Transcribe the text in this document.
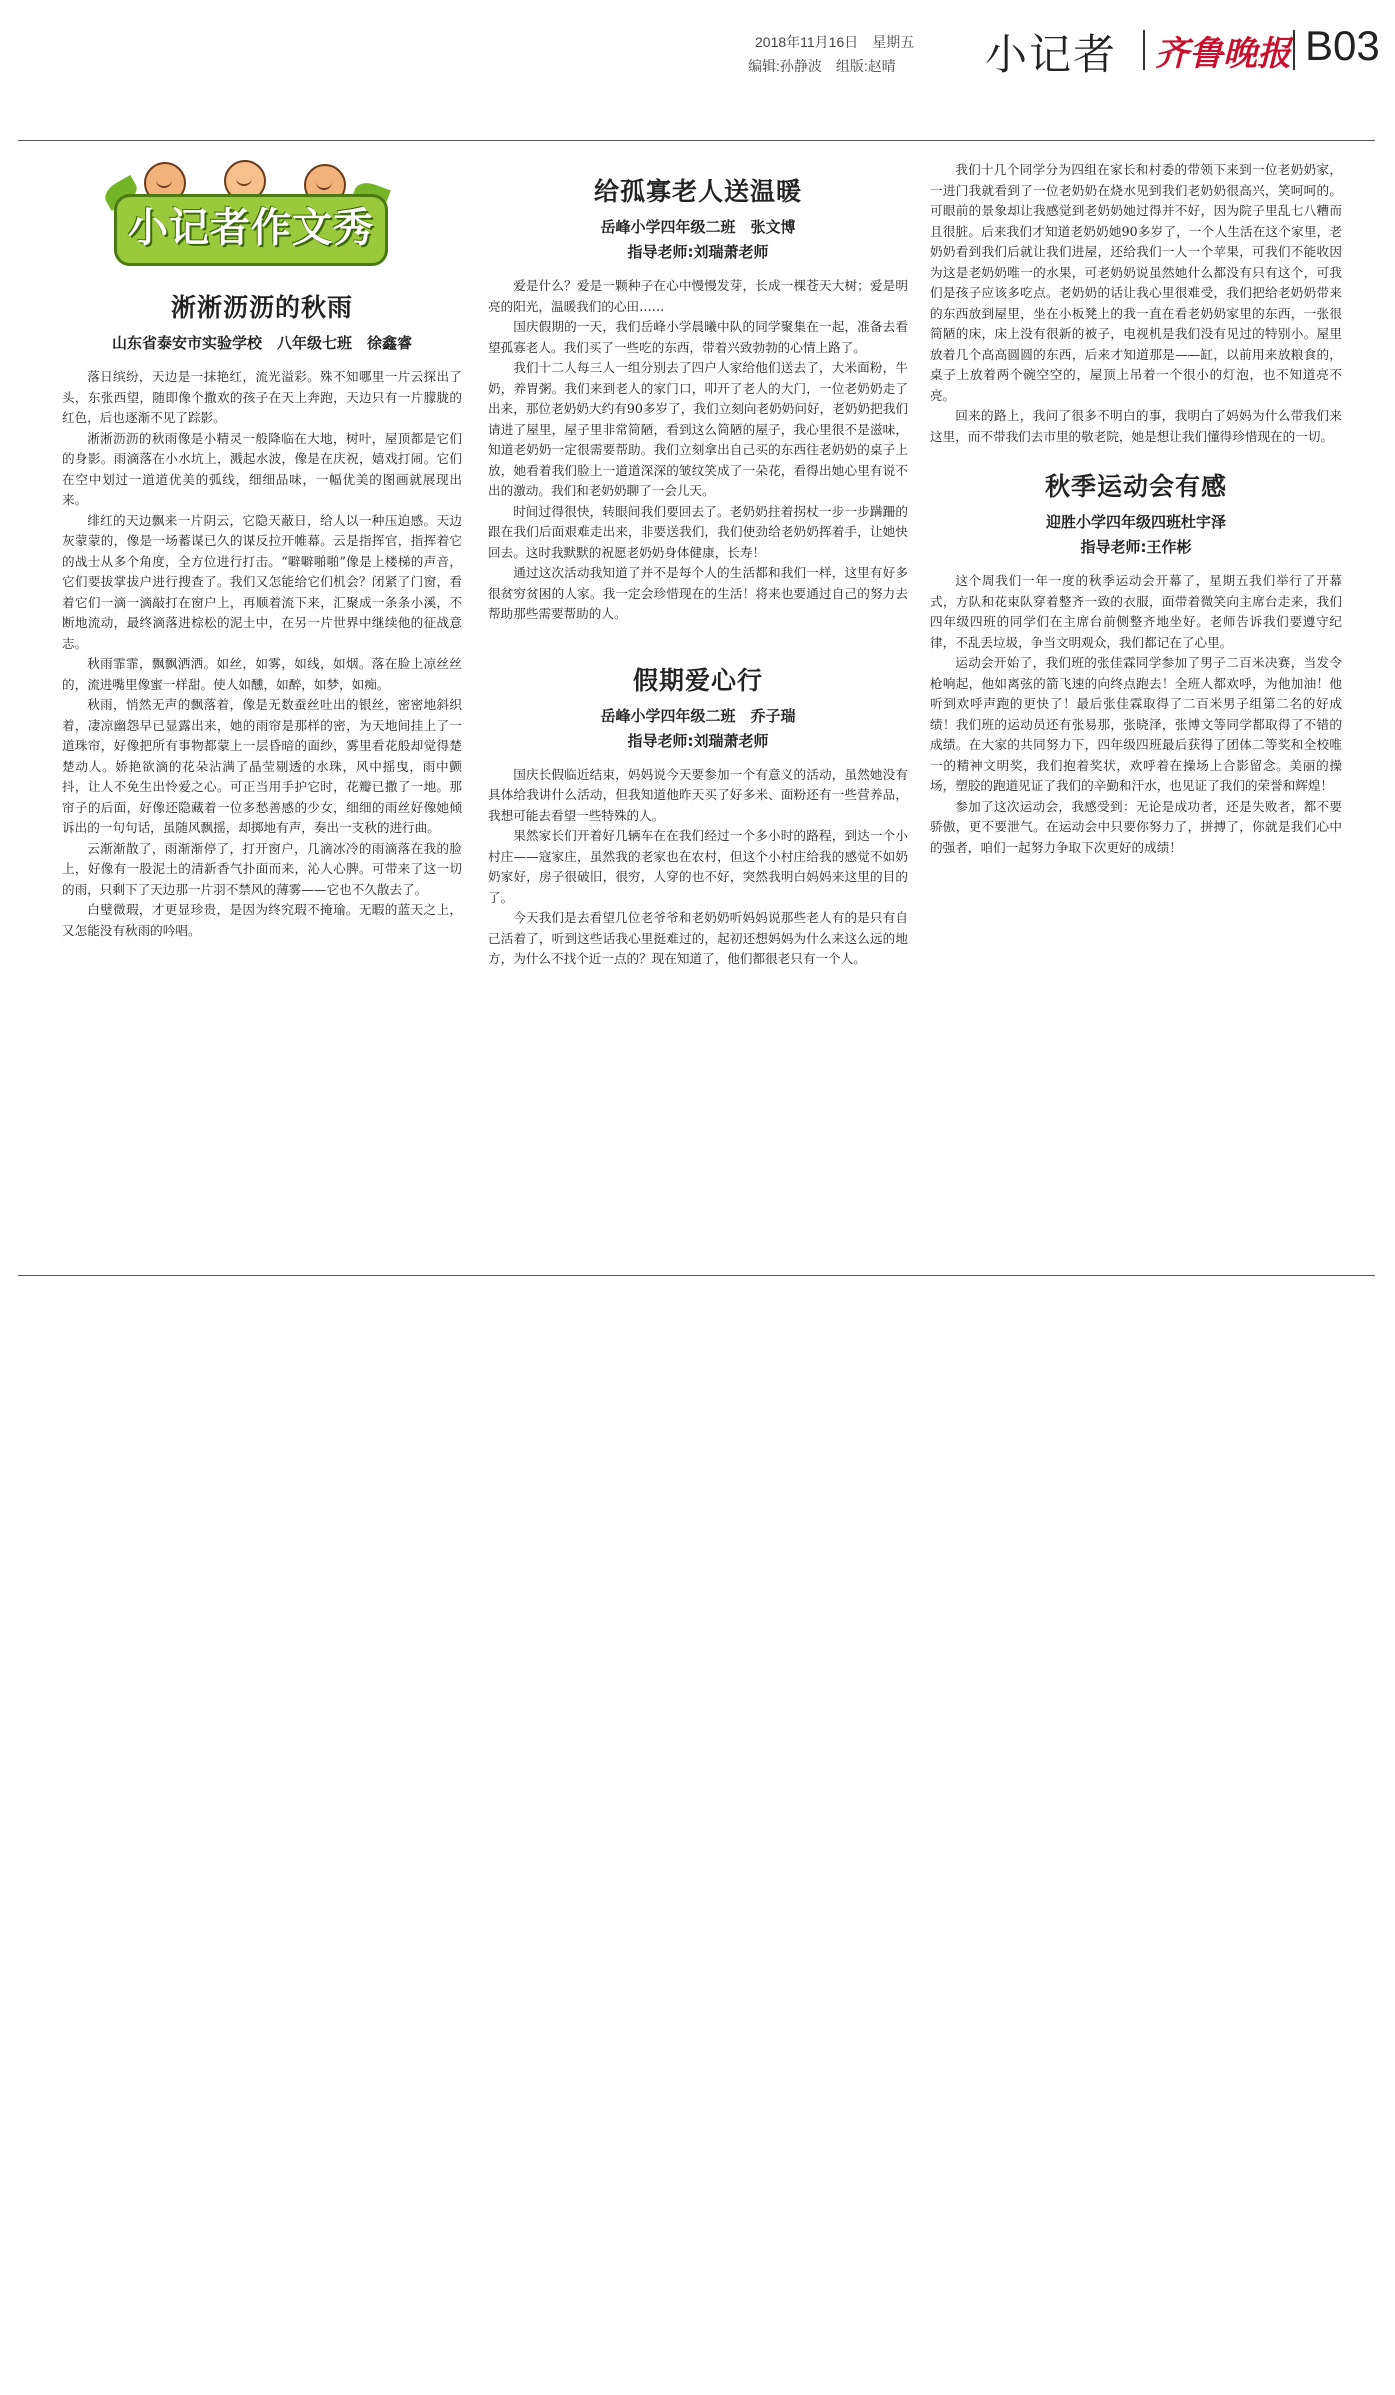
2018年11月16日　星期五
编辑:孙静波　组版:赵晴 小记者 齐鲁晚报 B03
小记者作文秀
淅淅沥沥的秋雨
山东省泰安市实验学校　八年级七班　徐鑫睿

落日缤纷，天边是一抹艳红，流光溢彩。殊不知哪里一片云探出了头，东张西望，随即像个撒欢的孩子在天上奔跑，天边只有一片朦胧的红色，后也逐渐不见了踪影。

淅淅沥沥的秋雨像是小精灵一般降临在大地，树叶，屋顶都是它们的身影。雨滴落在小水坑上，溅起水波，像是在庆祝，嬉戏打闹。它们在空中划过一道道优美的弧线，细细品味，一幅优美的图画就展现出来。

绯红的天边飘来一片阴云，它隐天蔽日，给人以一种压迫感。天边灰蒙蒙的，像是一场蓄谋已久的谋反拉开帷幕。云是指挥官，指挥着它的战士从多个角度，全方位进行打击。“噼噼啪啪”像是上楼梯的声音，它们要拔掌拔户进行搜查了。我们又怎能给它们机会？闭紧了门窗，看着它们一滴一滴敲打在窗户上，再顺着流下来，汇聚成一条条小溪，不断地流动，最终滴落进棕松的泥土中，在另一片世界中继续他的征战意志。

秋雨霏霏，飘飘洒洒。如丝，如雾，如线，如烟。落在脸上凉丝丝的，流进嘴里像蜜一样甜。使人如醺，如醉，如梦，如痴。

秋雨，悄然无声的飘落着，像是无数蚕丝吐出的银丝，密密地斜织着，凄凉幽怨早已显露出来，她的雨帘是那样的密，为天地间挂上了一道珠帘，好像把所有事物都蒙上一层昏暗的面纱，雾里看花般却觉得楚楚动人。娇艳欲滴的花朵沾满了晶莹剔透的水珠，风中摇曳，雨中颤抖，让人不免生出怜爱之心。可正当用手护它时，花瓣已撒了一地。那帘子的后面，好像还隐藏着一位多愁善感的少女，细细的雨丝好像她倾诉出的一句句话，虽随风飘摇，却掷地有声，奏出一支秋的进行曲。

云渐渐散了，雨渐渐停了，打开窗户，几滴冰冷的雨滴落在我的脸上，好像有一股泥土的清新香气扑面而来，沁人心脾。可带来了这一切的雨，只剩下了天边那一片羽不禁风的薄雾——它也不久散去了。

白璧微瑕，才更显珍贵，是因为终究瑕不掩瑜。无暇的蓝天之上，又怎能没有秋雨的吟唱。

给孤寡老人送温暖
岳峰小学四年级二班　张文博
指导老师:刘瑞萧老师

爱是什么？爱是一颗种子在心中慢慢发芽，长成一棵苍天大树；爱是明亮的阳光，温暖我们的心田……

国庆假期的一天，我们岳峰小学晨曦中队的同学聚集在一起，准备去看望孤寡老人。我们买了一些吃的东西，带着兴致勃勃的心情上路了。

我们十二人每三人一组分别去了四户人家给他们送去了，大米面粉，牛奶，养胃粥。我们来到老人的家门口，叩开了老人的大门，一位老奶奶走了出来，那位老奶奶大约有90多岁了，我们立刻向老奶奶问好，老奶奶把我们请进了屋里，屋子里非常简陋，看到这么简陋的屋子，我心里很不是滋味，知道老奶奶一定很需要帮助。我们立刻拿出自己买的东西往老奶奶的桌子上放，她看着我们脸上一道道深深的皱纹笑成了一朵花，看得出她心里有说不出的激动。我们和老奶奶聊了一会儿天。

时间过得很快，转眼间我们要回去了。老奶奶拄着拐杖一步一步蹒跚的跟在我们后面艰难走出来，非要送我们，我们使劲给老奶奶挥着手，让她快回去。这时我默默的祝愿老奶奶身体健康，长寿！

通过这次活动我知道了并不是每个人的生活都和我们一样，这里有好多很贫穷贫困的人家。我一定会珍惜现在的生活！将来也要通过自己的努力去帮助那些需要帮助的人。

假期爱心行
岳峰小学四年级二班　乔子瑞
指导老师:刘瑞萧老师

国庆长假临近结束，妈妈说今天要参加一个有意义的活动，虽然她没有具体给我讲什么活动，但我知道他昨天买了好多米、面粉还有一些营养品，我想可能去看望一些特殊的人。

果然家长们开着好几辆车在在我们经过一个多小时的路程，到达一个小村庄——寇家庄，虽然我的老家也在农村，但这个小村庄给我的感觉不如奶奶家好，房子很破旧，很穷，人穿的也不好，突然我明白妈妈来这里的目的了。

今天我们是去看望几位老爷爷和老奶奶听妈妈说那些老人有的是只有自己活着了，听到这些话我心里挺难过的，起初还想妈妈为什么来这么远的地方，为什么不找个近一点的？现在知道了，他们都很老只有一个人。

我们十几个同学分为四组在家长和村委的带领下来到一位老奶奶家，一进门我就看到了一位老奶奶在烧水见到我们老奶奶很高兴，笑呵呵的。可眼前的景象却让我感觉到老奶奶她过得并不好，因为院子里乱七八糟而且很脏。后来我们才知道老奶奶她90多岁了，一个人生活在这个家里，老奶奶看到我们后就让我们进屋，还给我们一人一个苹果，可我们不能收因为这是老奶奶唯一的水果，可老奶奶说虽然她什么都没有只有这个，可我们是孩子应该多吃点。老奶奶的话让我心里很难受，我们把给老奶奶带来的东西放到屋里，坐在小板凳上的我一直在看老奶奶家里的东西，一张很简陋的床，床上没有很新的被子，电视机是我们没有见过的特别小。屋里放着几个高高圆圆的东西，后来才知道那是——缸，以前用来放粮食的，桌子上放着两个碗空空的，屋顶上吊着一个很小的灯泡，也不知道亮不亮。

回来的路上，我问了很多不明白的事，我明白了妈妈为什么带我们来这里，而不带我们去市里的敬老院，她是想让我们懂得珍惜现在的一切。

秋季运动会有感
迎胜小学四年级四班杜宇泽
指导老师:王作彬

这个周我们一年一度的秋季运动会开幕了，星期五我们举行了开幕式，方队和花束队穿着整齐一致的衣服，面带着微笑向主席台走来，我们四年级四班的同学们在主席台前侧整齐地坐好。老师告诉我们要遵守纪律，不乱丢垃圾，争当文明观众，我们都记在了心里。

运动会开始了，我们班的张佳霖同学参加了男子二百米决赛，当发令枪响起，他如离弦的箭飞速的向终点跑去！全班人都欢呼，为他加油！他听到欢呼声跑的更快了！最后张佳霖取得了二百米男子组第二名的好成绩！我们班的运动员还有张易那，张晓泽，张博文等同学都取得了不错的成绩。在大家的共同努力下，四年级四班最后获得了团体二等奖和全校唯一的精神文明奖，我们抱着奖状，欢呼着在操场上合影留念。美丽的操场，塑胶的跑道见证了我们的辛勤和汗水，也见证了我们的荣誉和辉煌！

参加了这次运动会，我感受到：无论是成功者，还是失败者，都不要骄傲，更不要泄气。在运动会中只要你努力了，拼搏了，你就是我们心中的强者，咱们一起努力争取下次更好的成绩！
